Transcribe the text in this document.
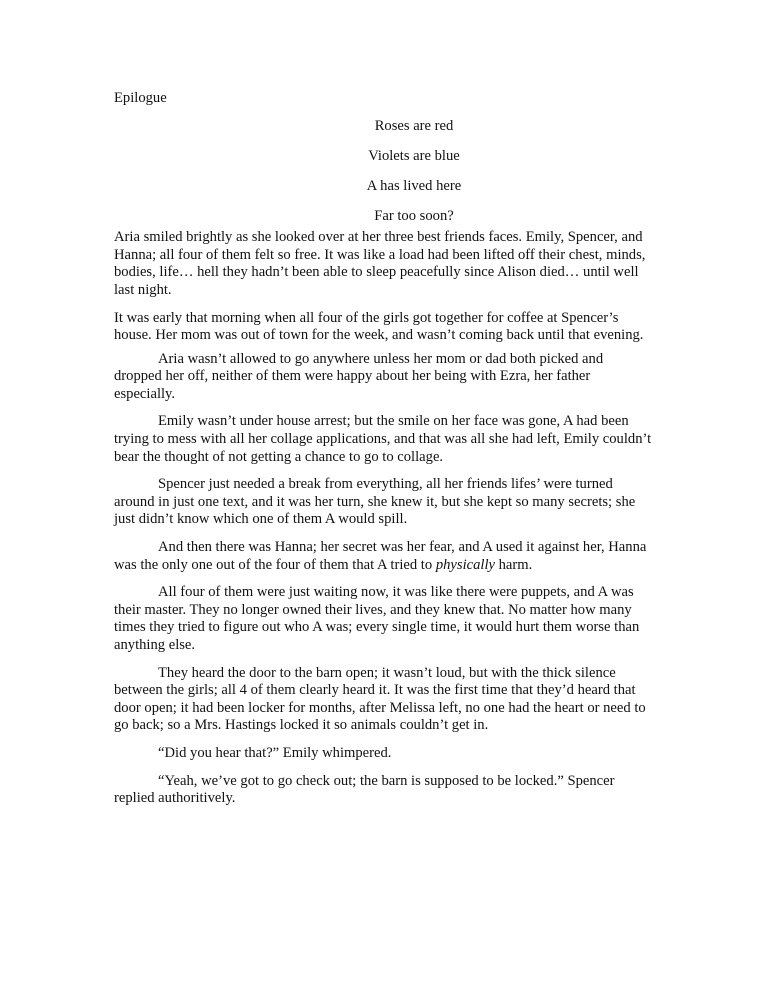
Epilogue

Roses are red

Violets are blue

A has lived here

Far too soon?

Aria smiled brightly as she looked over at her three best friends faces. Emily, Spencer, and Hanna; all four of them felt so free. It was like a load had been lifted off their chest, minds, bodies, life… hell they hadn’t been able to sleep peacefully since Alison died… until well last night.

It was early that morning when all four of the girls got together for coffee at Spencer’s house. Her mom was out of town for the week, and wasn’t coming back until that evening.

Aria wasn’t allowed to go anywhere unless her mom or dad both picked and dropped her off, neither of them were happy about her being with Ezra, her father especially.

Emily wasn’t under house arrest; but the smile on her face was gone, A had been trying to mess with all her collage applications, and that was all she had left, Emily couldn’t bear the thought of not getting a chance to go to collage.

Spencer just needed a break from everything, all her friends lifes’ were turned around in just one text, and it was her turn, she knew it, but she kept so many secrets; she just didn’t know which one of them A would spill.

And then there was Hanna; her secret was her fear, and A used it against her, Hanna was the only one out of the four of them that A tried to physically harm.

All four of them were just waiting now, it was like there were puppets, and A was their master. They no longer owned their lives, and they knew that. No matter how many times they tried to figure out who A was; every single time, it would hurt them worse than anything else.

They heard the door to the barn open; it wasn’t loud, but with the thick silence between the girls; all 4 of them clearly heard it. It was the first time that they’d heard that door open; it had been locker for months, after Melissa left, no one had the heart or need to go back; so a Mrs. Hastings locked it so animals couldn’t get in.

“Did you hear that?” Emily whimpered.

“Yeah, we’ve got to go check out; the barn is supposed to be locked.” Spencer replied authoritively.
